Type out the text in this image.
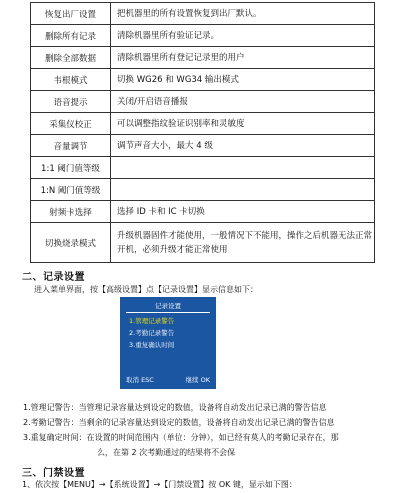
恢复出厂设置	把机器里的所有设置恢复到出厂默认。
删除所有记录	清除机器里所有验证记录。
删除全部数据	清除机器里所有登记记录里的用户
韦根模式	切换 WG26 和 WG34 输出模式
语音提示	关闭/开启语音播报
采集仪校正	可以调整指纹验证识别率和灵敏度
音量调节	调节声音大小，最大 4 级
1:1 阈门值等级	
1:N 阈门值等级	
射频卡选择	选择 ID 卡和 IC 卡切换
切换烧录模式	升级机器固件才能使用，一般情况下不能用，操作之后机器无法正常开机，必须升级才能正常使用
二、记录设置
进入菜单界面，按【高级设置】点【记录设置】显示信息如下：
记录设置
1.管理记录警告
2.考勤记录警告
3.重复确认时间
取消 ESC	继续 OK
1.管理记警告：当管理记录容量达到设定的数值，设备将自动发出记录已满的警告信息
2.考勤记警告：当剩余的记录容量达到设定的数值，设备将自动发出记录已满的警告信息
3.重复确定时间：在设置的时间范围内（单位：分钟），如已经有莫人的考勤记录存在，那
么，在第 2 次考勤通过的结果将不会保
三、门禁设置
1、依次按【MENU】→【系统设置】→【门禁设置】按 OK 键，显示如下图：
